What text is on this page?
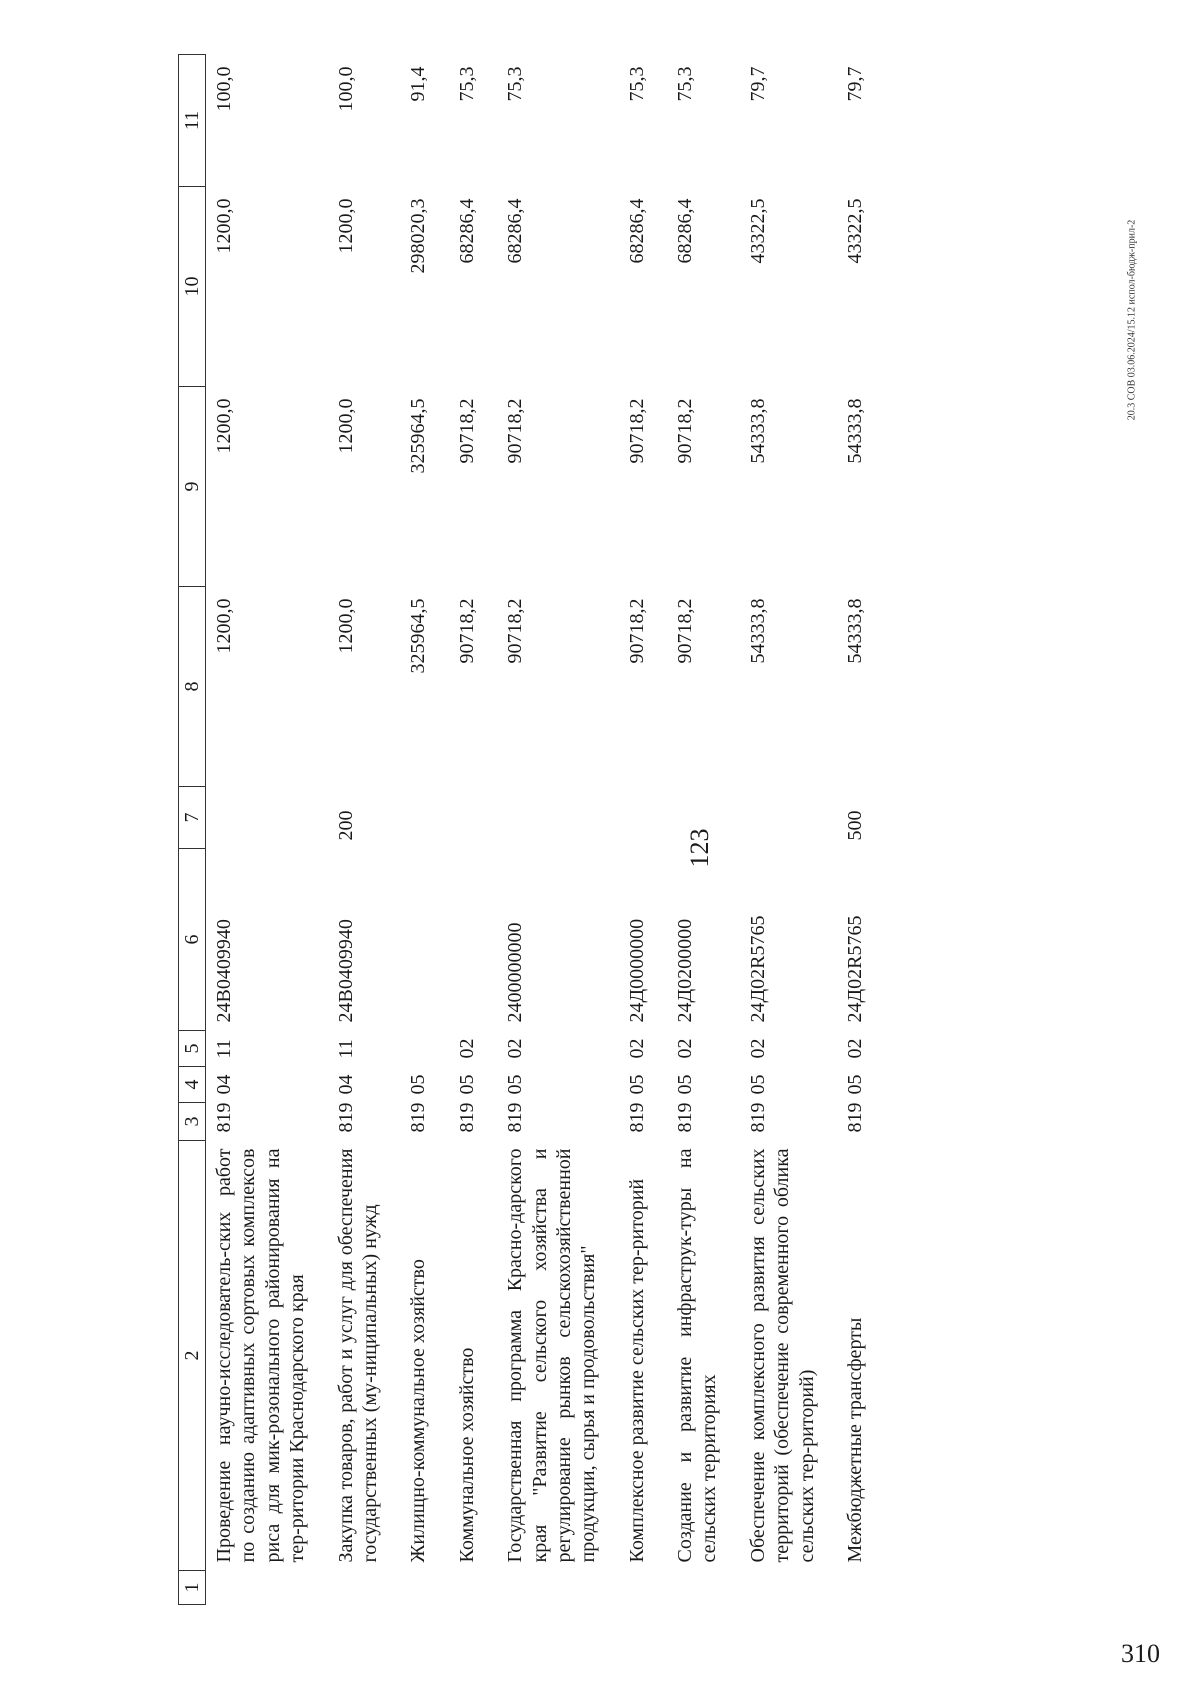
123
20.3 COB 03.06.2024/15.12 испол-бюдж-прил-2
310
1	2	3	4	5	6	7	8	9	10	11
	Проведение научно-исследователь-ских работ по созданию адаптивных сортовых комплексов риса для мик-розонального районирования на тер-ритории Краснодарского края	819	04	11	24В0409940		1200,0	1200,0	1200,0	100,0
	Закупка товаров, работ и услуг для обеспечения государственных (му-ниципальных) нужд	819	04	11	24В0409940	200	1200,0	1200,0	1200,0	100,0
	Жилищно-коммунальное хозяйство	819	05				325964,5	325964,5	298020,3	91,4
	Коммунальное хозяйство	819	05	02			90718,2	90718,2	68286,4	75,3
	Государственная программа Красно-дарского края "Развитие сельского хозяйства и регулирование рынков сельскохозяйственной продукции, сырья и продовольствия"	819	05	02	2400000000		90718,2	90718,2	68286,4	75,3
	Комплексное развитие сельских тер-риторий	819	05	02	24Д0000000		90718,2	90718,2	68286,4	75,3
	Создание и развитие инфраструк-туры на сельских территориях	819	05	02	24Д0200000		90718,2	90718,2	68286,4	75,3
	Обеспечение комплексного развития сельских территорий (обеспечение современного облика сельских тер-риторий)	819	05	02	24Д02R5765		54333,8	54333,8	43322,5	79,7
	Межбюджетные трансферты	819	05	02	24Д02R5765	500	54333,8	54333,8	43322,5	79,7
